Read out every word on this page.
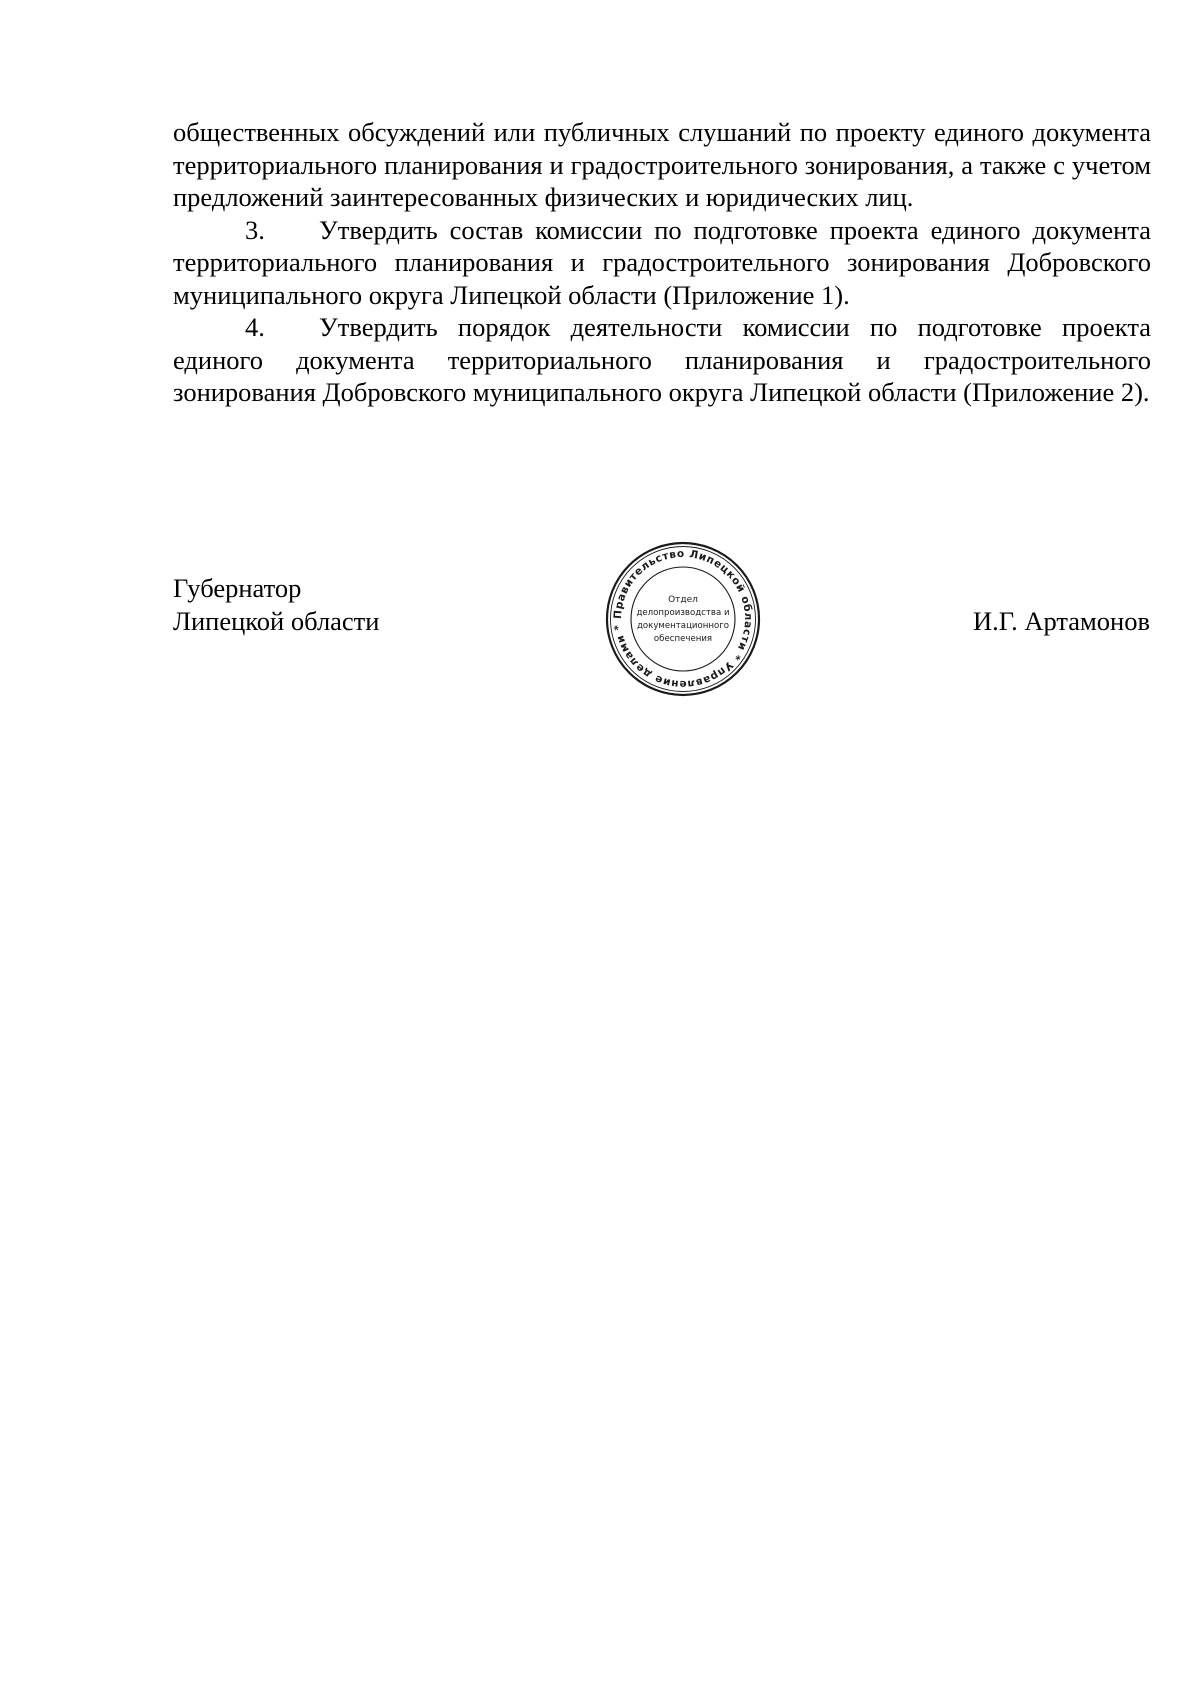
общественных обсуждений или публичных слушаний по проекту единого документа территориального планирования и градостроительного зонирования, а также с учетом предложений заинтересованных физических и юридических лиц.

3. Утвердить состав комиссии по подготовке проекта единого документа территориального планирования и градостроительного зонирования Добровского муниципального округа Липецкой области (Приложение 1).

4. Утвердить порядок деятельности комиссии по подготовке проекта единого документа территориального планирования и градостроительного зонирования Добровского муниципального округа Липецкой области (Приложение 2).

Губернатор
Липецкой области	Правительство Липецкой области * Управление делами *
Отдел
делопроизводства и
документационного
обеспечения
И.Г. Артамонов
